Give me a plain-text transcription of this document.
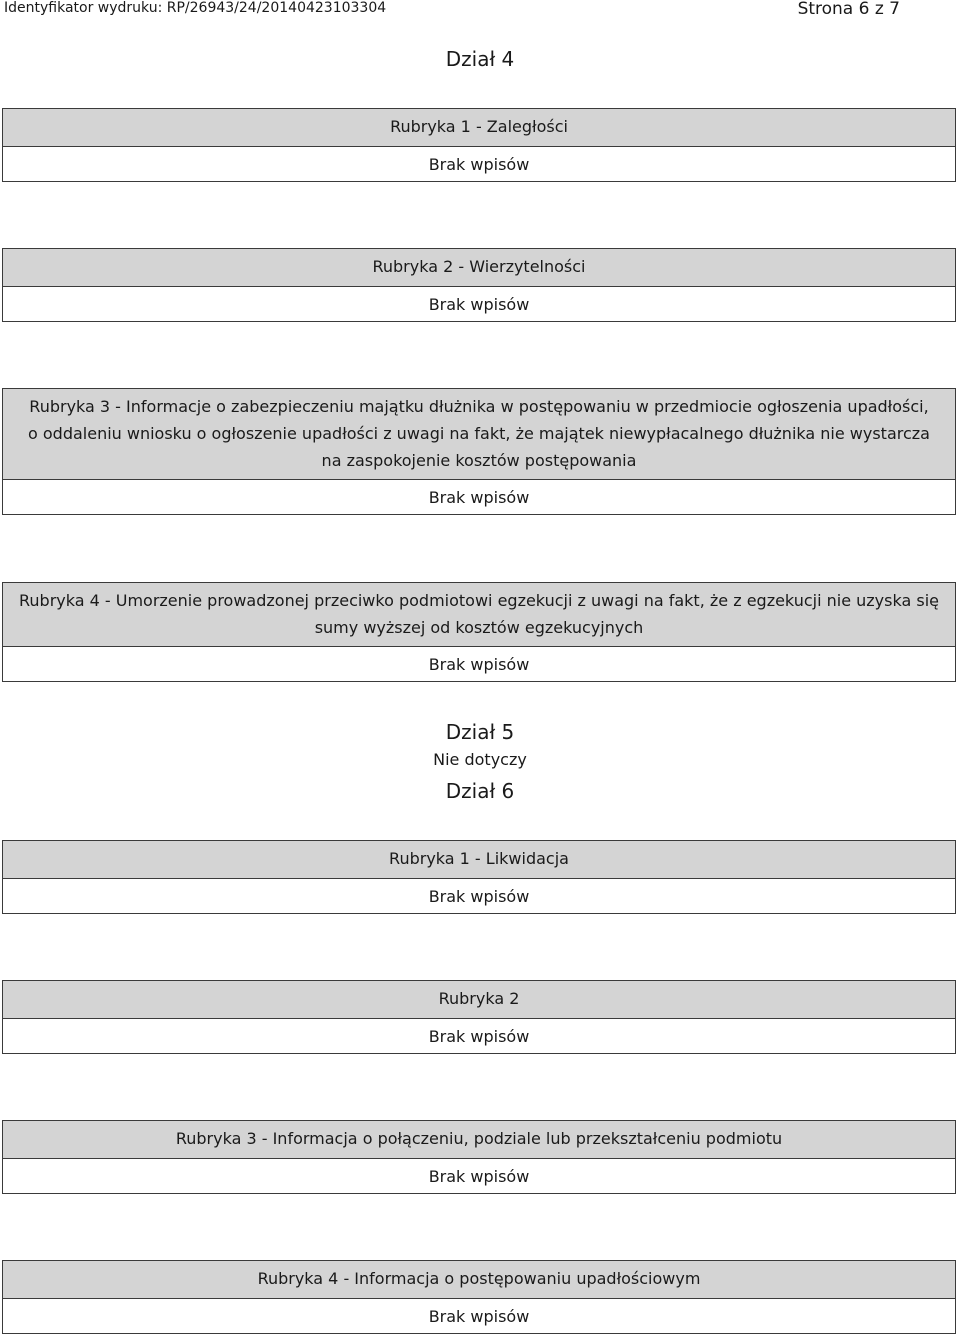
Identyfikator wydruku: RP/26943/24/20140423103304	Strona 6 z 7
Dział 4
Rubryka 1 - Zaległości
Brak wpisów
Rubryka 2 - Wierzytelności
Brak wpisów
Rubryka 3 - Informacje o zabezpieczeniu majątku dłużnika w postępowaniu w przedmiocie ogłoszenia upadłości, o oddaleniu wniosku o ogłoszenie upadłości z uwagi na fakt, że majątek niewypłacalnego dłużnika nie wystarcza na zaspokojenie kosztów postępowania
Brak wpisów
Rubryka 4 - Umorzenie prowadzonej przeciwko podmiotowi egzekucji z uwagi na fakt, że z egzekucji nie uzyska się sumy wyższej od kosztów egzekucyjnych
Brak wpisów
Dział 5
Nie dotyczy
Dział 6
Rubryka 1 - Likwidacja
Brak wpisów
Rubryka 2
Brak wpisów
Rubryka 3 - Informacja o połączeniu, podziale lub przekształceniu podmiotu
Brak wpisów
Rubryka 4 - Informacja o postępowaniu upadłościowym
Brak wpisów
